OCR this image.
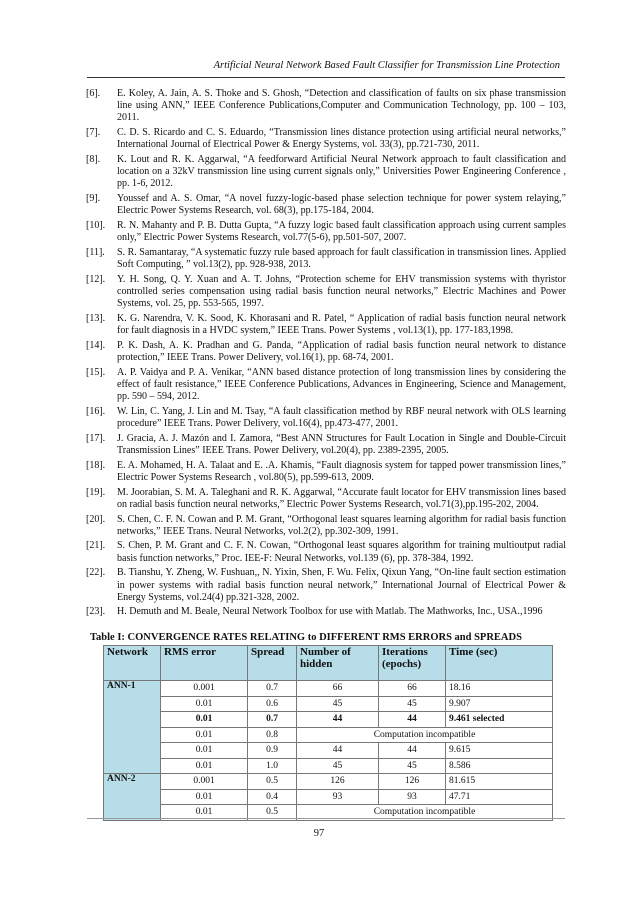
Artificial Neural Network Based Fault Classifier for Transmission Line Protection
[6].	E. Koley, A. Jain, A. S. Thoke and S. Ghosh, “Detection and classification of faults on six phase transmission line using ANN,” IEEE Conference Publications,Computer and Communication Technology, pp. 100 – 103, 2011.
[7].	C. D. S. Ricardo and C. S. Eduardo, “Transmission lines distance protection using artificial neural networks,” International Journal of Electrical Power & Energy Systems, vol. 33(3), pp.721-730, 2011.
[8].	K. Lout and R. K. Aggarwal, “A feedforward Artificial Neural Network approach to fault classification and location on a 32kV transmission line using current signals only,” Universities Power Engineering Conference , pp. 1-6, 2012.
[9].	Youssef and A. S. Omar, “A novel fuzzy-logic-based phase selection technique for power system relaying,” Electric Power Systems Research, vol. 68(3), pp.175-184, 2004.
[10].	R. N. Mahanty and P. B. Dutta Gupta, “A fuzzy logic based fault classification approach using current samples only,” Electric Power Systems Research, vol.77(5-6), pp.501-507, 2007.
[11].	S. R. Samantaray, “A systematic fuzzy rule based approach for fault classification in transmission lines. Applied Soft Computing, ” vol.13(2), pp. 928-938, 2013.
[12].	Y. H. Song, Q. Y. Xuan and A. T. Johns, “Protection scheme for EHV transmission systems with thyristor controlled series compensation using radial basis function neural networks,” Electric Machines and Power Systems, vol. 25, pp. 553-565, 1997.
[13].	K. G. Narendra, V. K. Sood, K. Khorasani and R. Patel, “ Application of radial basis function neural network for fault diagnosis in a HVDC system,” IEEE Trans. Power Systems , vol.13(1), pp. 177-183,1998.
[14].	P. K. Dash, A. K. Pradhan and G. Panda, “Application of radial basis function neural network to distance protection,” IEEE Trans. Power Delivery, vol.16(1), pp. 68-74, 2001.
[15].	A. P. Vaidya and P. A. Venikar, “ANN based distance protection of long transmission lines by considering the effect of fault resistance,” IEEE Conference Publications, Advances in Engineering, Science and Management, pp. 590 – 594, 2012.
[16].	W. Lin, C. Yang, J. Lin and M. Tsay, “A fault classification method by RBF neural network with OLS learning procedure” IEEE Trans. Power Delivery, vol.16(4), pp.473-477, 2001.
[17].	J. Gracia, A. J. Mazón and I. Zamora, “Best ANN Structures for Fault Location in Single and Double-Circuit Transmission Lines” IEEE Trans. Power Delivery, vol.20(4), pp. 2389-2395, 2005.
[18].	E. A. Mohamed, H. A. Talaat and E. .A. Khamis, “Fault diagnosis system for tapped power transmission lines,” Electric Power Systems Research , vol.80(5), pp.599-613, 2009.
[19].	M. Joorabian, S. M. A. Taleghani and R. K. Aggarwal, “Accurate fault locator for EHV transmission lines based on radial basis function neural networks,” Electric Power Systems Research, vol.71(3),pp.195-202, 2004.
[20].	S. Chen, C. F. N. Cowan and P. M. Grant, “Orthogonal least squares learning algorithm for radial basis function networks,” IEEE Trans. Neural Networks, vol.2(2), pp.302-309, 1991.
[21].	S. Chen, P. M. Grant and C. F. N. Cowan, “Orthogonal least squares algorithm for training multioutput radial basis function networks,” Proc. IEE-F: Neural Networks, vol.139 (6), pp. 378-384, 1992.
[22].	B. Tianshu, Y. Zheng, W. Fushuan,, N. Yixin, Shen, F. Wu. Felix, Qixun Yang, “On-line fault section estimation in power systems with radial basis function neural network,” International Journal of Electrical Power & Energy Systems, vol.24(4) pp.321-328, 2002.
[23].	H. Demuth and M. Beale, Neural Network Toolbox for use with Matlab. The Mathworks, Inc., USA.,1996
Table I: CONVERGENCE RATES RELATING to DIFFERENT RMS ERRORS and SPREADS
Network	RMS error	Spread	Number of hidden	Iterations (epochs)	Time (sec)
ANN-1	0.001	0.7	66	66	18.16
	0.01	0.6	45	45	9.907
	0.01	0.7	44	44	9.461 selected
	0.01	0.8	Computation incompatible		
	0.01	0.9	44	44	9.615
	0.01	1.0	45	45	8.586
ANN-2	0.001	0.5	126	126	81.615
	0.01	0.4	93	93	47.71
	0.01	0.5	Computation incompatible		
97
